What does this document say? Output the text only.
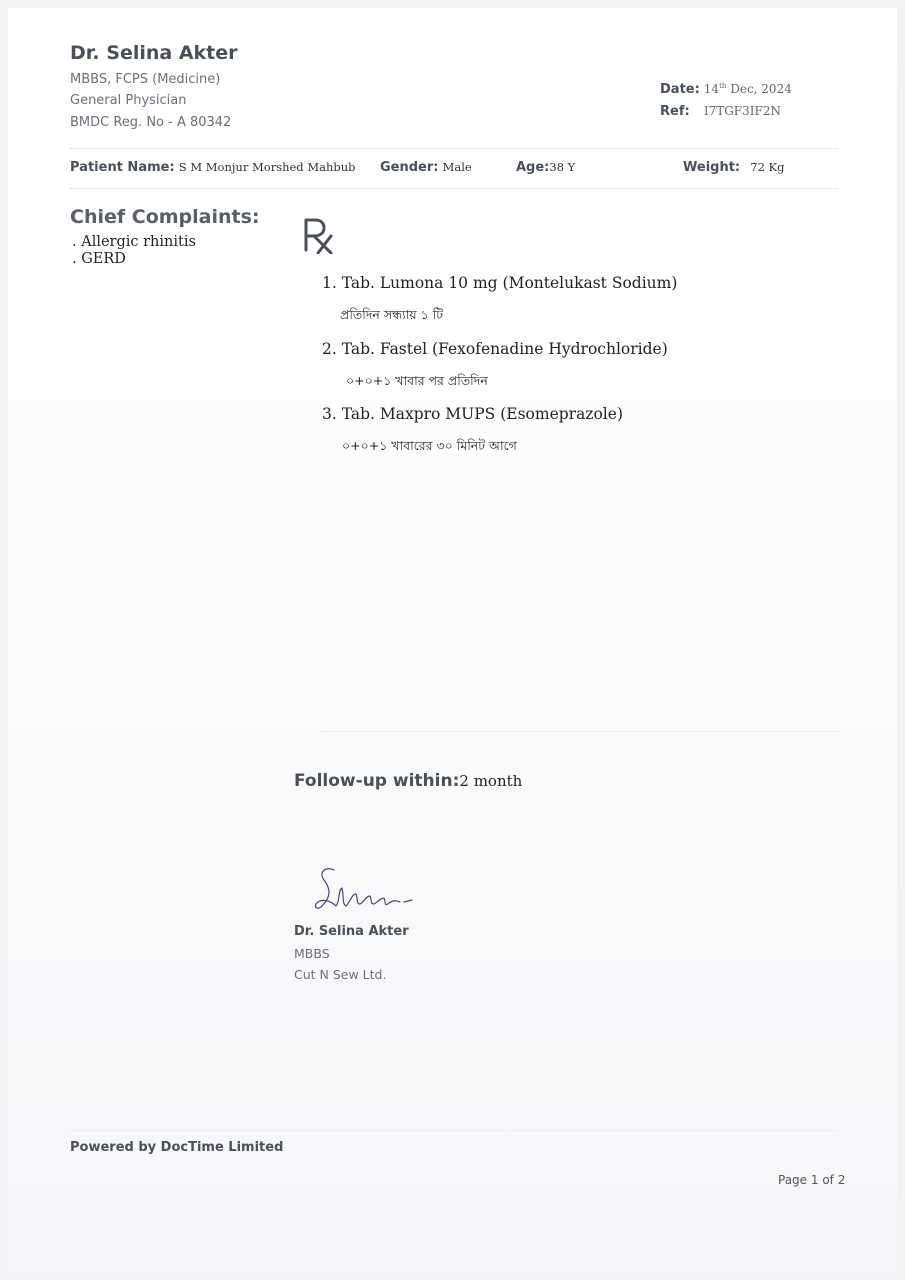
Dr. Selina Akter
MBBS, FCPS (Medicine)
General Physician
BMDC Reg. No - A 80342
Date: 14th Dec, 2024
Ref: I7TGF3IF2N
Patient Name: S M Monjur Morshed Mahbub Gender: Male	Age:38 Y	Weight: 72 Kg
Chief Complaints:
. Allergic rhinitis
. GERD
1. Tab. Lumona 10 mg (Montelukast Sodium)
প্রতিদিন সন্ধ্যায় ১ টি
2. Tab. Fastel (Fexofenadine Hydrochloride)
০+০+১ খাবার পর প্রতিদিন
3. Tab. Maxpro MUPS (Esomeprazole)
০+০+১ খাবারের ৩০ মিনিট আগে
Follow-up within:2 month
Dr. Selina Akter
MBBS
Cut N Sew Ltd.
Powered by DocTime Limited
Page 1 of 2
